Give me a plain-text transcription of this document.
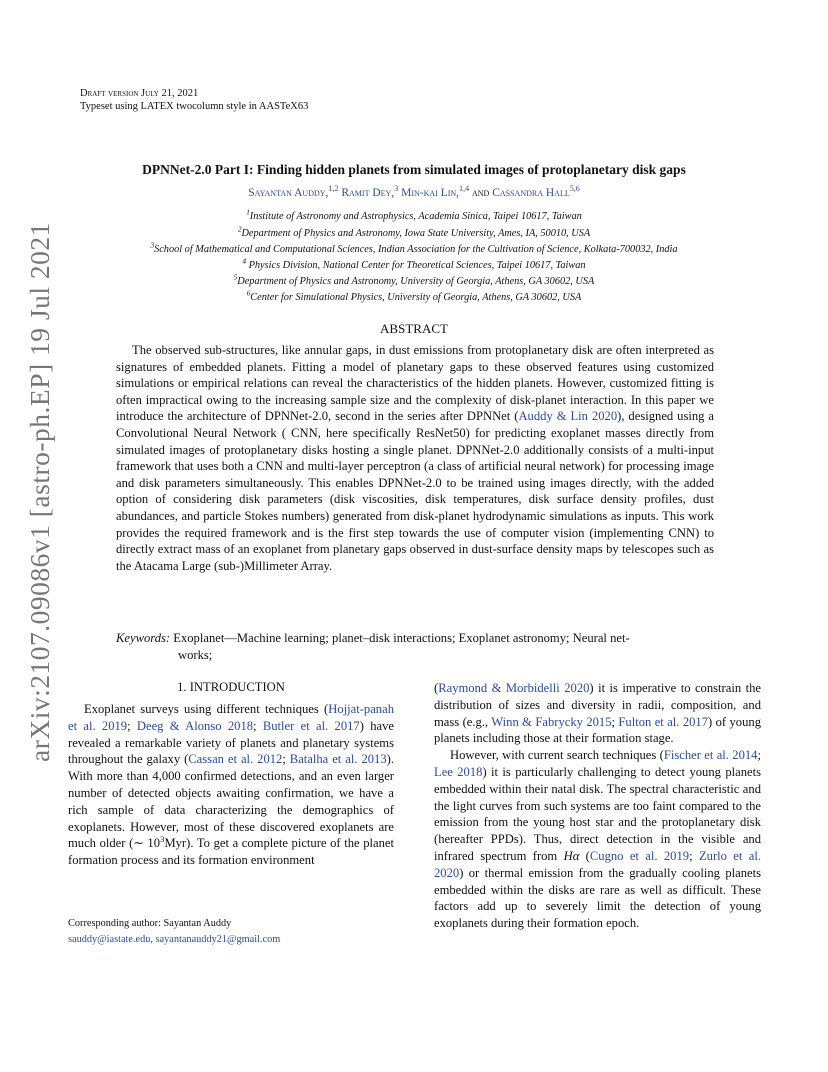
arXiv:2107.09086v1 [astro-ph.EP] 19 Jul 2021
Draft version July 21, 2021
Typeset using LATEX twocolumn style in AASTeX63
DPNNet-2.0 Part I: Finding hidden planets from simulated images of protoplanetary disk gaps
Sayantan Auddy,$^{1,2}$ Ramit Dey,$^3$ Min-kai Lin,$^{1,4}$ and Cassandra Hall$^{5,6}$
$^1$Institute of Astronomy and Astrophysics, Academia Sinica, Taipei 10617, Taiwan
$^2$Department of Physics and Astronomy, Iowa State University, Ames, IA, 50010, USA
$^3$School of Mathematical and Computational Sciences, Indian Association for the Cultivation of Science, Kolkata-700032, India
$^4$ Physics Division, National Center for Theoretical Sciences, Taipei 10617, Taiwan
$^5$Department of Physics and Astronomy, University of Georgia, Athens, GA 30602, USA
$^6$Center for Simulational Physics, University of Georgia, Athens, GA 30602, USA
ABSTRACT
The observed sub-structures, like annular gaps, in dust emissions from protoplanetary disk are often interpreted as signatures of embedded planets. Fitting a model of planetary gaps to these observed features using customized simulations or empirical relations can reveal the characteristics of the hidden planets. However, customized fitting is often impractical owing to the increasing sample size and the complexity of disk-planet interaction. In this paper we introduce the architecture of DPNNet-2.0, second in the series after DPNNet (Auddy & Lin 2020), designed using a Convolutional Neural Network ( CNN, here specifically ResNet50) for predicting exoplanet masses directly from simulated images of protoplanetary disks hosting a single planet. DPNNet-2.0 additionally consists of a multi-input framework that uses both a CNN and multi-layer perceptron (a class of artificial neural network) for processing image and disk parameters simultaneously. This enables DPNNet-2.0 to be trained using images directly, with the added option of considering disk parameters (disk viscosities, disk temperatures, disk surface density profiles, dust abundances, and particle Stokes numbers) generated from disk-planet hydrodynamic simulations as inputs. This work provides the required framework and is the first step towards the use of computer vision (implementing CNN) to directly extract mass of an exoplanet from planetary gaps observed in dust-surface density maps by telescopes such as the Atacama Large (sub-)Millimeter Array.
Keywords: Exoplanet—Machine learning; planet–disk interactions; Exoplanet astronomy; Neural net-
works;
1. INTRODUCTION
Exoplanet surveys using different techniques (Hojjat-panah et al. 2019; Deeg & Alonso 2018; Butler et al. 2017) have revealed a remarkable variety of planets and planetary systems throughout the galaxy (Cassan et al. 2012; Batalha et al. 2013). With more than 4,000 confirmed detections, and an even larger number of detected objects awaiting confirmation, we have a rich sample of data characterizing the demographics of exoplanets. However, most of these discovered exoplanets are much older (∼ $10^3Myr$). To get a complete picture of the planet formation process and its formation environment
Corresponding author: Sayantan Auddy
sauddy@iastate.edu, sayantanauddy21@gmail.com
(Raymond & Morbidelli 2020) it is imperative to constrain the distribution of sizes and diversity in radii, composition, and mass (e.g., Winn & Fabrycky 2015; Fulton et al. 2017) of young planets including those at their formation stage.
However, with current search techniques (Fischer et al. 2014; Lee 2018) it is particularly challenging to detect young planets embedded within their natal disk. The spectral characteristic and the light curves from such systems are too faint compared to the emission from the young host star and the protoplanetary disk (hereafter PPDs). Thus, direct detection in the visible and infrared spectrum from Hα (Cugno et al. 2019; Zurlo et al. 2020) or thermal emission from the gradually cooling planets embedded within the disks are rare as well as difficult. These factors add up to severely limit the detection of young exoplanets during their formation epoch.
